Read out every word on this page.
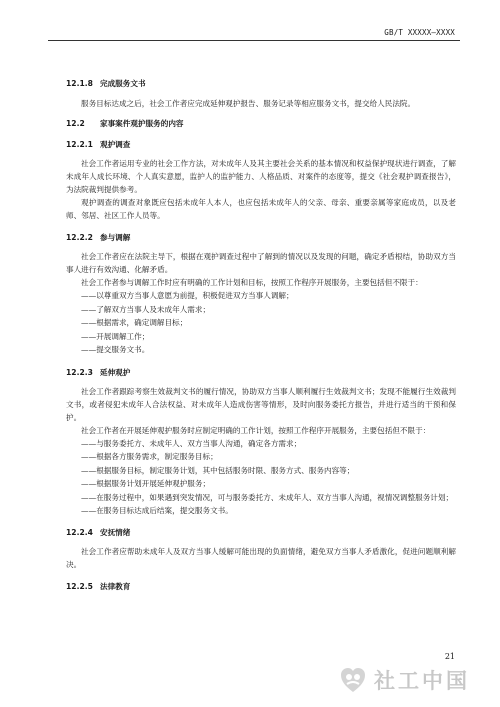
GB/T XXXXX—XXXX
12.1.8 完成服务文书

服务目标达成之后，社会工作者应完成延伸观护报告、服务记录等相应服务文书，提交给人民法院。

12.2 家事案件观护服务的内容
12.2.1 观护调查

社会工作者运用专业的社会工作方法，对未成年人及其主要社会关系的基本情况和权益保护现状进行调查，了解未成年人成长环境、个人真实意愿，监护人的监护能力、人格品质、对案件的态度等，提交《社会观护调查报告》，为法院裁判提供参考。

观护调查的调查对象既应包括未成年人本人，也应包括未成年人的父亲、母亲、重要亲属等家庭成员，以及老师、邻居、社区工作人员等。

12.2.2 参与调解

社会工作者应在法院主导下，根据在观护调查过程中了解到的情况以及发现的问题，确定矛盾根结，协助双方当事人进行有效沟通、化解矛盾。

社会工作者参与调解工作时应有明确的工作计划和目标，按照工作程序开展服务，主要包括但不限于：

——以尊重双方当事人意愿为前提，积极促进双方当事人调解；
——了解双方当事人及未成年人需求；
——根据需求，确定调解目标；
——开展调解工作；
——提交服务文书。
12.2.3 延伸观护

社会工作者跟踪考察生效裁判文书的履行情况，协助双方当事人顺利履行生效裁判文书；发现不能履行生效裁判文书，或者侵犯未成年人合法权益、对未成年人造成伤害等情形，及时向服务委托方报告，并进行适当的干预和保护。

社会工作者在开展延伸观护服务时应制定明确的工作计划，按照工作程序开展服务，主要包括但不限于：

——与服务委托方、未成年人、双方当事人沟通，确定各方需求；
——根据各方服务需求，制定服务目标；
——根据服务目标，制定服务计划，其中包括服务时限、服务方式、服务内容等；
——根据服务计划开展延伸观护服务；
——在服务过程中，如果遇到突发情况，可与服务委托方、未成年人、双方当事人沟通，视情况调整服务计划；
——在服务目标达成后结案，提交服务文书。
12.2.4 安抚情绪

社会工作者应帮助未成年人及双方当事人缓解可能出现的负面情绪，避免双方当事人矛盾激化，促进问题顺利解决。

12.2.5 法律教育
21
社工中国
